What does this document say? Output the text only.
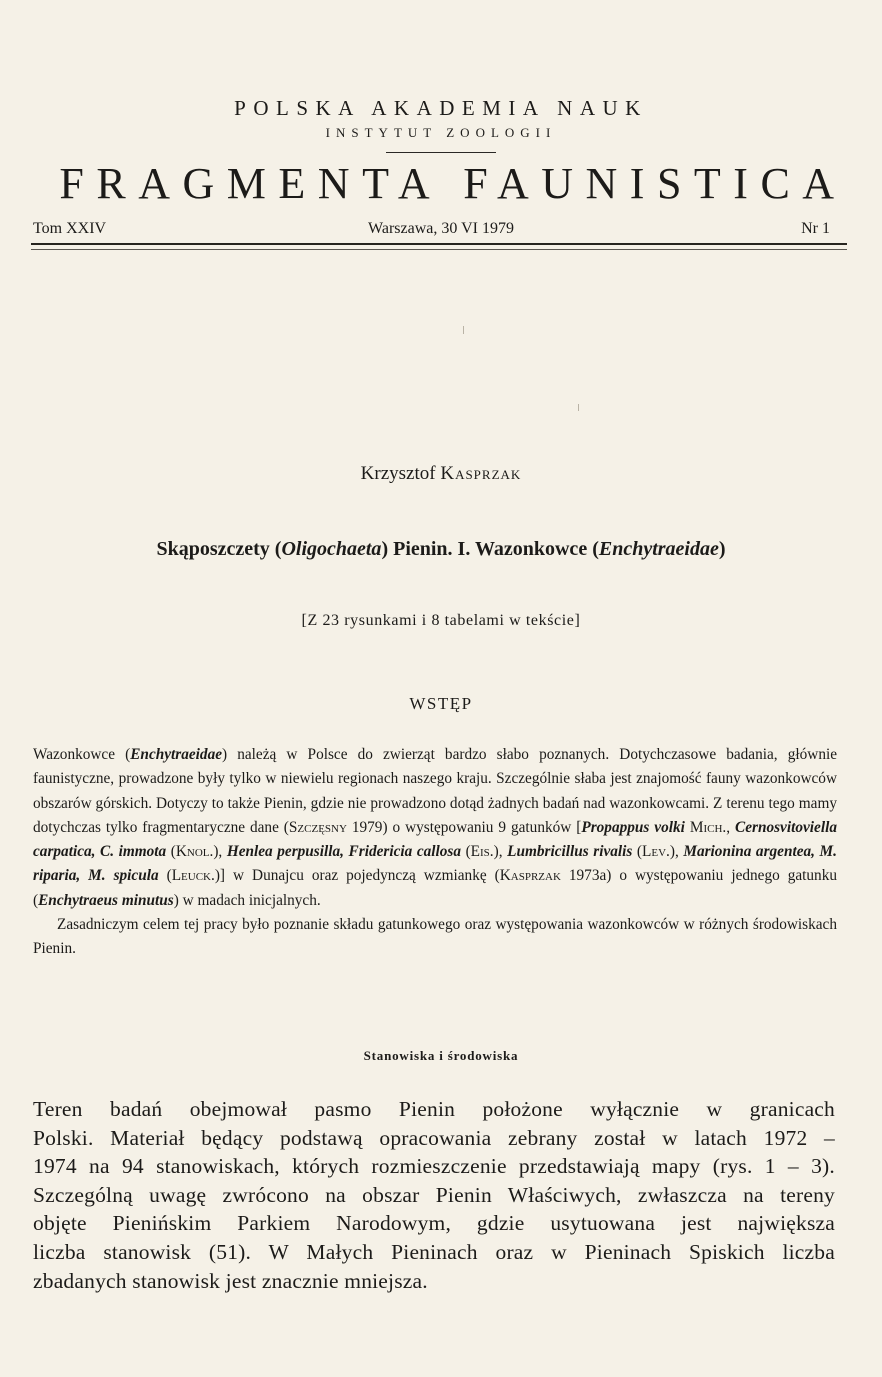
POLSKA AKADEMIA NAUK
INSTYTUT ZOOLOGII
FRAGMENTA FAUNISTICA
Tom XXIV	Warszawa, 30 VI 1979	Nr 1
Krzysztof Kasprzak
Skąposzczety (Oligochaeta) Pienin. I. Wazonkowce (Enchytraeidae)
[Z 23 rysunkami i 8 tabelami w tekście]
WSTĘP

Wazonkowce (Enchytraeidae) należą w Polsce do zwierząt bardzo słabo poznanych. Dotychczasowe badania, głównie faunistyczne, prowadzone były tylko w niewielu regionach naszego kraju. Szczególnie słaba jest znajomość fauny wazonkowców obszarów górskich. Dotyczy to także Pienin, gdzie nie prowadzono dotąd żadnych badań nad wazonkowcami. Z terenu tego mamy dotychczas tylko fragmentaryczne dane (Szczęsny 1979) o występowaniu 9 gatunków [Propappus volki Mich., Cernosvitoviella carpatica, C. immota (Knol.), Henlea perpusilla, Fridericia callosa (Eis.), Lumbricillus rivalis (Lev.), Marionina argentea, M. riparia, M. spicula (Leuck.)] w Dunajcu oraz pojedynczą wzmiankę (Kasprzak 1973a) o występowaniu jednego gatunku (Enchytraeus minutus) w madach inicjalnych.

Zasadniczym celem tej pracy było poznanie składu gatunkowego oraz występowania wazonkowców w różnych środowiskach Pienin.

Stanowiska i środowiska

Teren badań obejmował pasmo Pienin położone wyłącznie w granicach
Polski. Materiał będący podstawą opracowania zebrany został w latach 1972 –
1974 na 94 stanowiskach, których rozmieszczenie przedstawiają mapy (rys. 1 – 3).
Szczególną uwagę zwrócono na obszar Pienin Właściwych, zwłaszcza na tereny
objęte Pienińskim Parkiem Narodowym, gdzie usytuowana jest największa
liczba stanowisk (51). W Małych Pieninach oraz w Pieninach Spiskich liczba
zbadanych stanowisk jest znacznie mniejsza.
